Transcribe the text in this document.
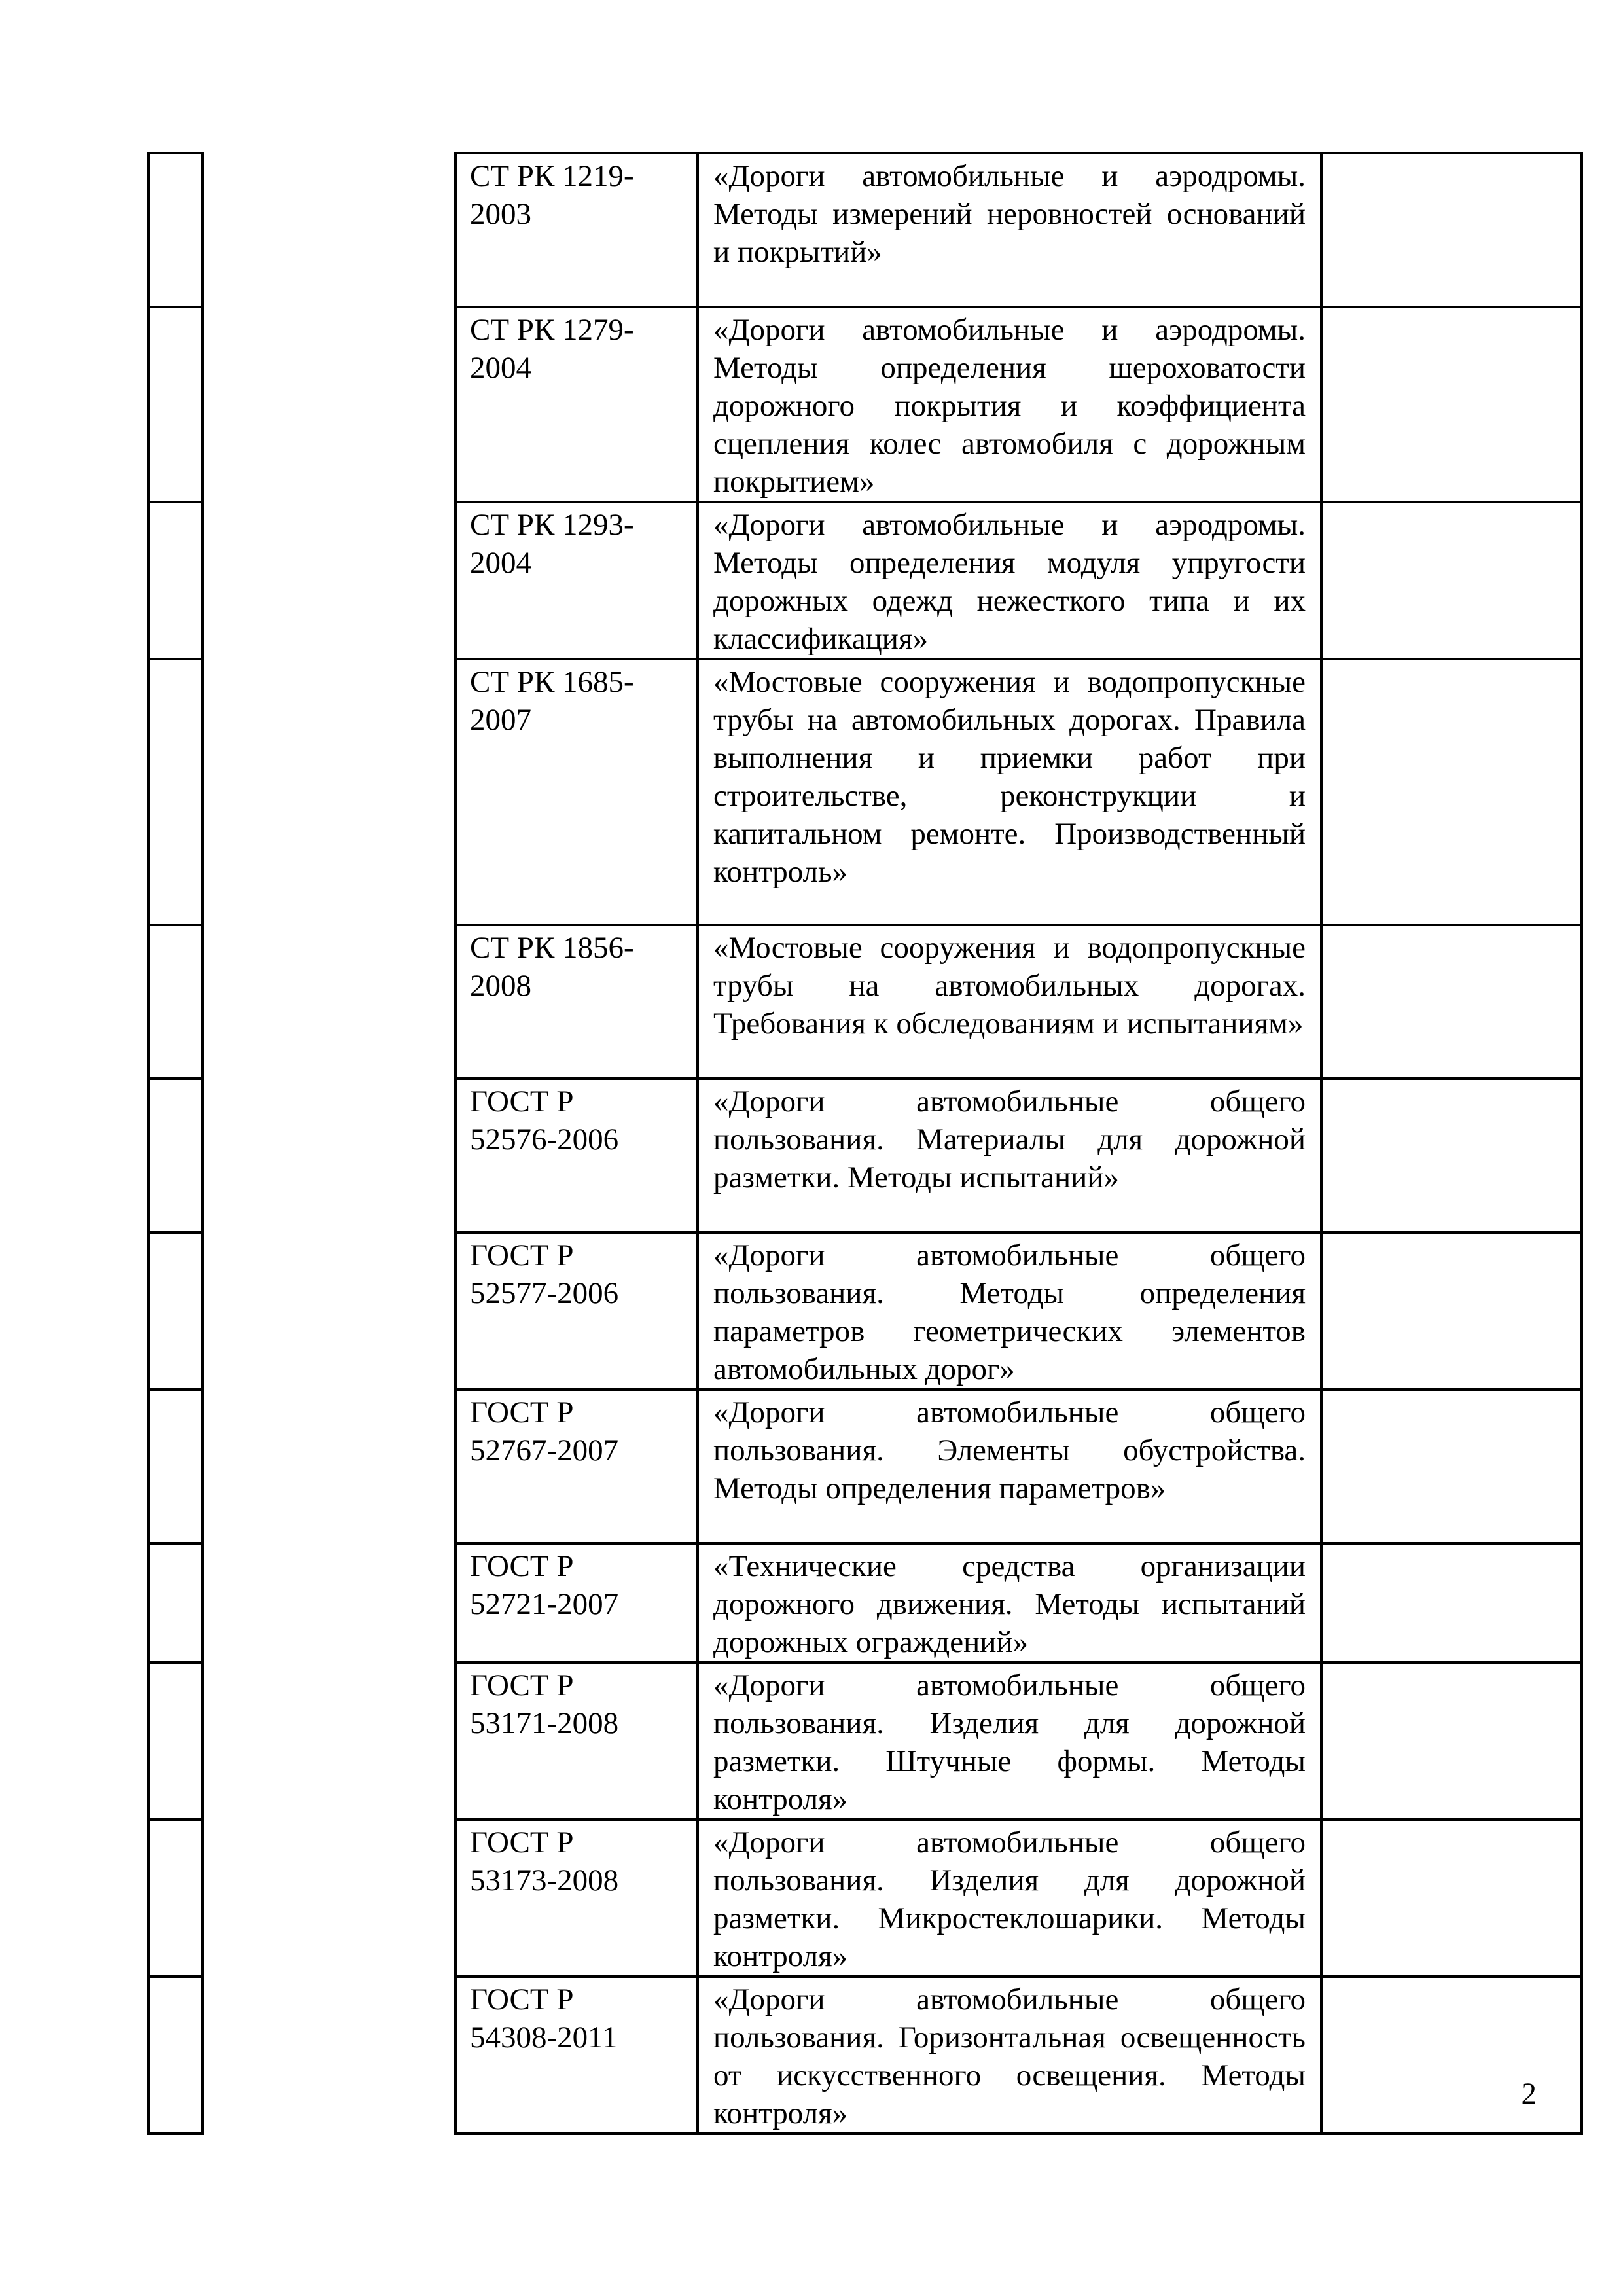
		СТ РК 1219-2003	«Дороги автомобильные и аэродромы. Методы измерений неровностей оснований и покрытий»	

		СТ РК 1279-2004	«Дороги автомобильные и аэродромы. Методы определения шероховатости дорожного покрытия и коэффициента сцепления колес автомобиля с дорожным покрытием»	

		СТ РК 1293-2004	«Дороги автомобильные и аэродромы. Методы определения модуля упругости дорожных одежд нежесткого типа и их классификация»	

		СТ РК 1685-2007	«Мостовые сооружения и водопропускные трубы на автомобильных дорогах. Правила выполнения и приемки работ при строительстве, реконструкции и капитальном ремонте. Производственный контроль»	

		СТ РК 1856-2008	«Мостовые сооружения и водопропускные трубы на автомобильных дорогах. Требования к обследованиям и испытаниям»	

		ГОСТ Р 52576-2006	«Дороги автомобильные общего пользования. Материалы для дорожной разметки. Методы испытаний»	

		ГОСТ Р 52577-2006	«Дороги автомобильные общего пользования. Методы определения параметров геометрических элементов автомобильных дорог»	

		ГОСТ Р 52767-2007	«Дороги автомобильные общего пользования. Элементы обустройства. Методы определения параметров»	

		ГОСТ Р 52721-2007	«Технические средства организации дорожного движения. Методы испытаний дорожных ограждений»	

		ГОСТ Р 53171-2008	«Дороги автомобильные общего пользования. Изделия для дорожной разметки. Штучные формы. Методы контроля»	

		ГОСТ Р 53173-2008	«Дороги автомобильные общего пользования. Изделия для дорожной разметки. Микростеклошарики. Методы контроля»	

		ГОСТ Р 54308-2011	«Дороги автомобильные общего пользования. Горизонтальная освещенность от искусственного освещения. Методы контроля»	
2
